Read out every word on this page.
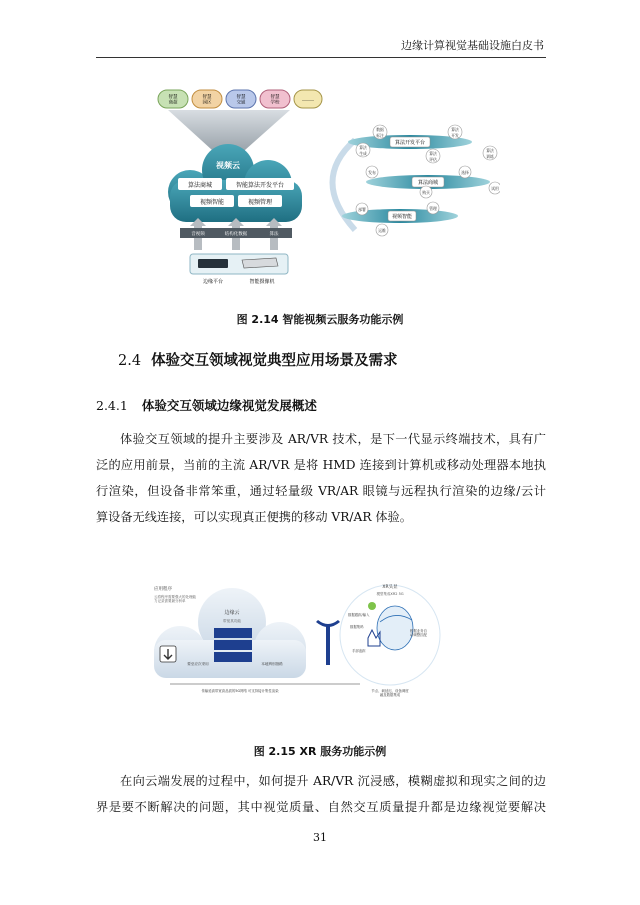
边缘计算视觉基础设施白皮书
智慧商超
智慧园区
智慧交通
智慧学校	……
视频云
算法商城	智能算法开发平台
视频智能	视频管理
音视频	结构化数据	算法
边缘平台	智能摄像机
算法开发平台
算法商城
视频智能
数据标注
算法开发
算法生成	算法评估
算法训练
发布	选择
购买
试用
部署	管理
运维
图 2.14 智能视频云服务功能示例
2.4 体验交互领域视觉典型应用场景及需求
2.4.1 体验交互领域边缘视觉发展概述
体验交互领域的提升主要涉及 AR/VR 技术，是下一代显示终端技术，具有广
泛的应用前景，当前的主流 AR/VR 是将 HMD 连接到计算机或移动处理器本地执
行渲染，但设备非常笨重，通过轻量级 VR/AR 眼镜与远程执行渲染的边缘/云计
算设备无线连接，可以实现真正便携的移动 VR/AR 体验。
应用程序
云将程序需要强大的处理能力记录需要最分析单
边缘云
带宽其功能
要至应次采用	本地辨别指路
XR头显
模型集成XR2 5G
数据跟踪/输入
数据集码
手部追踪
根据业务自动调整匹配
传输延高带宽高品质的5G网络 可支持接计集性渲染	节点、载延迟、设备调度融及数据集成
图 2.15 XR 服务功能示例
在向云端发展的过程中，如何提升 AR/VR 沉浸感，模糊虚拟和现实之间的边
界是要不断解决的问题，其中视觉质量、自然交互质量提升都是边缘视觉要解决
31
